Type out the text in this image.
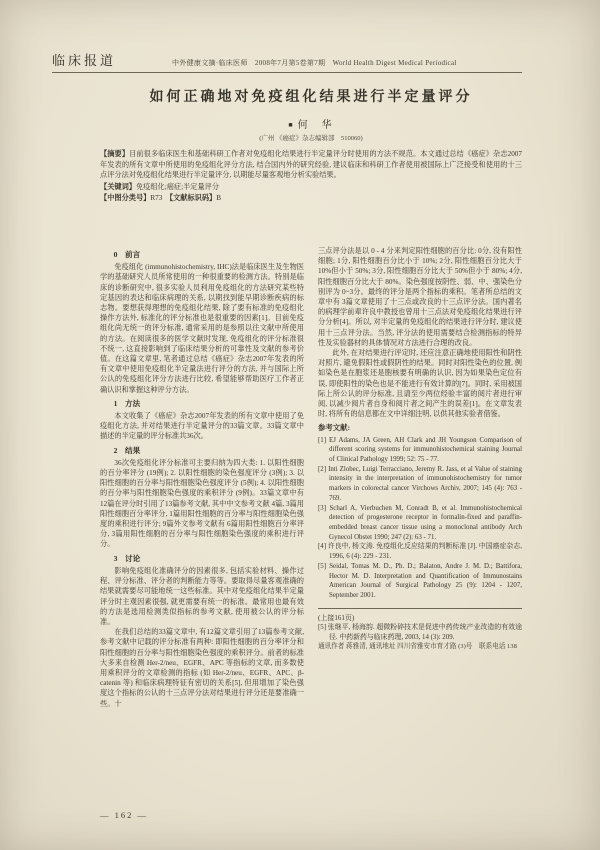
临床报道	中外健康文摘·临床医师　2008年7月第5卷第7期　World Health Digest Medical Periodical
如何正确地对免疫组化结果进行半定量评分
■ 何　华
(广州 《癌症》杂志编辑部　510060)
【摘要】目前很多临床医生和基础科研工作者对免疫组化结果进行半定量评分时使用的方法不规范。本文通过总结《癌症》杂志2007年发表的所有文章中所使用的免疫组化评分方法, 结合国内外的研究经验, 建议临床和科研工作者使用被国际上广泛接受和使用的十三点评分法对免疫组化结果进行半定量评分, 以期能尽量客观地分析实验结果。
【关键词】免疫组化;癌症;半定量评分
【中图分类号】R73　 【文献标识码】B
0　前言

免疫组化 (immunohistochemistry, IHC)法是临床医生及生物医学的基础研究人员所常使用的一种很重要的检测方法。特别是临床的诊断研究中, 很多实验人员利用免疫组化的方法研究某些特定基因的表达和临床病理的关系, 以期找到能早期诊断疾病的标志物。要想获得理想的免疫组化结果, 除了要有标准的免疫组化操作方法外, 标准化的评分标准也是很重要的因素[1]。目前免疫组化尚无统一的评分标准, 通常采用的是参照以往文献中所使用的方法。在阅读很多的医学文献时发现, 免疫组化的评分标准很不统一, 这直接影响到了临床结果分析的可靠性及文献的参考价值。在这篇文章里, 笔者通过总结《癌症》杂志2007年发表的所有文章中使用免疫组化半定量法进行评分的方法, 并与国际上所公认的免疫组化评分方法进行比较, 希望能够帮助医疗工作者正确认识和掌握这种评分方法。

1　方法

本文收集了《癌症》杂志2007年发表的所有文章中使用了免疫组化方法, 并对结果进行半定量评分的33篇文章。33篇文章中描述的半定量的评分标准共36次。

2　结果

36次免疫组化评分标准可主要归纳为四大类: 1. 以阳性细胞的百分率评分 (19例); 2. 以阳性细胞的染色强度评分 (3例); 3. 以阳性细胞的百分率与阳性细胞染色强度评分 (5例); 4. 以阳性细胞的百分率与阳性细胞染色强度的乘积评分 (9例)。33篇文章中有12篇在评分时引用了13篇参考文献, 其中中文参考文献 4篇, 3篇用阳性细胞百分率评分, 1篇用阳性细胞的百分率与阳性细胞染色强度的乘积进行评分; 9篇外文参考文献有 6篇用阳性细胞百分率评分, 3篇用阳性细胞的百分率与阳性细胞染色强度的乘积进行评分。

3　讨论

影响免疫组化准确评分的因素很多, 包括实验材料、操作过程、评分标准、评分者的判断能力等等。要取得尽量客观准确的结果就需要尽可能地统一这些标准。其中对免疫组化结果半定量评分时主观因素很强, 就更需要有统一的标准。最常用也最有效的方法是选用检测类似指标的参考文献, 使用被公认的评分标准。

在我们总结的33篇文章中, 有12篇文章引用了13篇参考文献, 参考文献中记载的评分标准有两种: 即阳性细胞的百分率评分和阳性细胞的百分率与阳性细胞染色强度的乘积评分。前者的标准大多来自检测 Her-2/neu、EGFR、APC 等指标的文章, 而多数使用乘积评分的文章检测的指标 (如 Her-2/neu、EGFR、APC、β-catenin 等) 和临床病理特征有密切的关系[5], 但用增加了染色强度这个指标的公认的十三点评分法对结果进行评分还是要准确一些。十

三点评分法是以 0 - 4 分来判定阳性细胞的百分比: 0分, 没有阳性细胞; 1分, 阳性细胞百分比小于 10%; 2分, 阳性细胞百分比大于 10%但小于 50%; 3分, 阳性细胞百分比大于 50%但小于 80%; 4分, 阳性细胞百分比大于 80%。染色强度按阴性、弱、中、强染色分别评为 0~3分。最终的评分是两个指标的乘积。笔者所总结的文章中有 3篇文章使用了十三点或改良的十三点评分法。国内著名的病理学前辈许良中教授也曾用十三点法对免疫组化结果进行评分分析[4]。所以, 对半定量的免疫组化的结果进行评分时, 建议使用十三点评分法。当然, 评分法的使用需要结合检测指标的特异性及实验器材的具体情况对方法进行合理的改良。

此外, 在对结果进行评定时, 还应注意正确地使用阳性和阴性对照片, 避免假阳性或假阴性的结果。同时对阳性染色的位置, 例如染色是在胞浆还是胞核要有明确的认识, 因为如果染色定位有误, 即使阳性的染色也是不能进行有效计算的[7]。同时, 采用被国际上所公认的评分标准, 且请至少两位经验丰富的阅片者进行审阅, 以减少阅片者自身和阅片者之间产生的误差[1]。在文章发表时, 将所有的信息都在文中详细注明, 以供其他实验者借鉴。

参考文献:

[1] EJ Adams, JA Green, AH Clark and JH Youngson Comparison of different scoring systems for immunohistochemical staining Journal of Clinical Pathology 1999; 52: 75 - 77.

[2] Inti Zlobec, Luigi Terracciano, Jeremy R. Jass, et al Value of staining intensity in the interpretation of immunohistochemistry for tumor markers in colorectal cancer Virchows Archiv, 2007; 145 (4): 763 - 769.

[3] Scharl A, Vierbuchen M, Conradt B, et al. Immunohistochemical detection of progesterone receptor in formalin-fixed and paraffin-embedded breast cancer tissue using a monoclonal antibody Arch Gynecol Obstet 1990; 247 (2): 63 - 71.

[4] 许良中, 杨文涛. 免疫组化反应结果的判断标准 [J]. 中国癌症杂志, 1996, 6 (4): 229 - 231.

[5] Seidal, Tomas M. D., Ph. D.; Balaton, Andre J. M. D.; Battifora, Hector M. D. Interpretation and Quantification of Immunostains American Journal of Surgical Pathology 25 (9): 1204 - 1207, September 2001.

(上接161页)

[5] 张继平, 杨海韵. 超微粉碎技术是促进中药传统产业改造的有效途径. 中药新药与临床药理, 2003, 14 (3): 209.

通讯作者 蒋雅清, 通讯地址 四川省雅安市育才路 (3)号　联系电话 138

— 162 —
